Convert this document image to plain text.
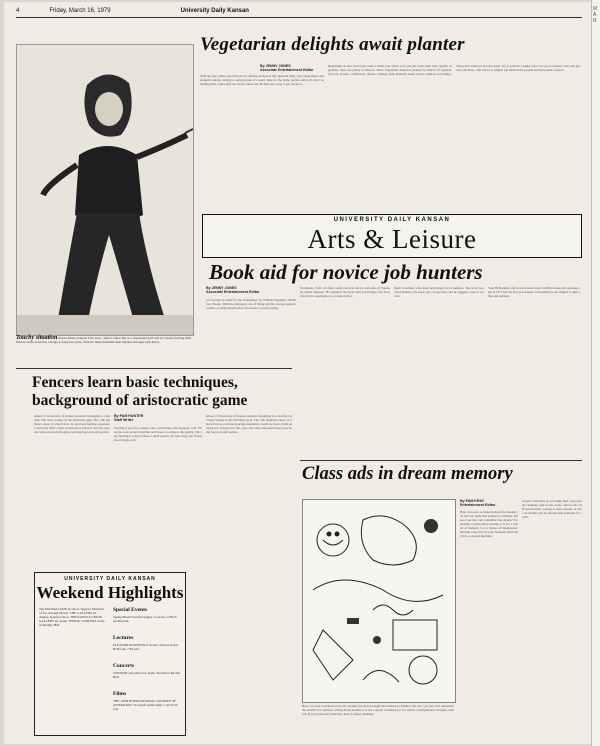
4	Friday, March 16, 1979	University Daily Kansan
Touchy situation Eileen Weiss, Kansas City, Kan., senior, takes aim at a suspended golf ball in a pistol fencing drill. Eileen's knee is bent in a lunge to keep her poise. Fencers must maintain their balance through each move.
Vegetarian delights await planter
By JENNY JONES
Associate Entertainment Editor
With the late winter snowfall slowly turning backyards into pleasant mud, and young men's and women's fancies turning to spring break, it's nearly time for the home garden. After all, that's something that comes after the winter blues and the time has come to get outdoors.
Depending on how weird you want to make your salad, or if you just want some basic garden vegetables, there are plenty of choices. These vegetables should be planted by March 15: spinach, broccoli, sprouts, cauliflower, onions, cabbage, kale, kohlrabi, leeks, lettuce, shallots and turnips.
Then plant tomatoes in early April. Try to plant in a sunny area. Use good compost, and your garden will thrive. The advice is simple: put them in the ground and keep them watered.
UNIVERSITY DAILY KANSAN
Arts & Leisure
Book aid for novice job hunters
By JENNY JONES
Associate Entertainment Editor
Job Search: A Guide for the Uninitiated, by William Youmans, Windhover Books. With the galloping cost of living and the average senior's volume of employment offers, the book is worth reading.
Eventually, 'Jobs 14' offers some practical advice and some of Youmans' expert opinions. He sprinkles the book with 'job-finding' tips drawn from his experience as a resume writer.
much to unlink, what leads and things not to mention. The worst fear of job hunters, the book says, is rejection, and he suggests ways to recover.
Your Humanities and social science major will find some job openings that in 1977 had for first job seekers. Job hunting is not simple; it takes time and patience.
Fencers learn basic techniques, background of aristocratic game
By PAM HUNTER
Staff Writer
About 15 University of Kansas students belonging to a fencing club meet weekly in the Robinson gym. The club members, most of whom have no previous fencing experience, learn the basics from an instructor. Fencers use foil, epee and sabre and spend hours practicing footwork and parries.
Fencing is good for balance and coordination, the instructor said. Weiss has won several matches and hopes to compete this spring. She said fencing is a sport where a small person can beat a big one if they use strategy well.
About 15 University of Kansas students belonging to a fencing club meet weekly in the Robinson gym. The club members, most of whom have no previous fencing experience, learn the basics from an instructor. Fencers use foil, epee and sabre and spend hours practicing footwork and parries.
UNIVERSITY DAILY KANSAN
Weekend Highlights
The FAT BALLOON art show, Spencer Museum of Art, through March. THE GALLERY art display, Kansas Union. THE KANSAS UNION GALLERY art group. SPRING CONCERT series at Murphy Hall.
Special Events
Spring Break Vacation begins. Concerts at Hoch Auditorium.
Lectures
ELEANOR ROOSEVELT lecture, Kansas Union Ballroom, 7:30 p.m.
Concerts
TONIGHT and tomorrow night, Swarthout Recital Hall.
Films
THE 10TH INTERNATIONAL TOURNEE OF ANIMATION, Woodruff Auditorium, 7 and 9:30 p.m.
Class ads in dream memory
By PAM KRAY
Entertainment Editor
Have you ever wondered about the dreams you had last night that seemed so familiar, but now you just can't remember the details? For students writing about dreams, it is not a matter of memory, it is a matter of imagination. Dreams come true in your bedroom when they have a deeper meaning.
weren't interested in recording their own dreams. Students sent in ads. Some came to the staff and said they wanted to share dreams. A class on dreams will be offered next semester for credit.
Have you ever wondered about the dreams you had last night that seemed so familiar, but now you just can't remember the details? For students writing about dreams, it is not a matter of memory, it is a matter of imagination. Dreams come true in your bedroom when they have a deeper meaning.
M A R
